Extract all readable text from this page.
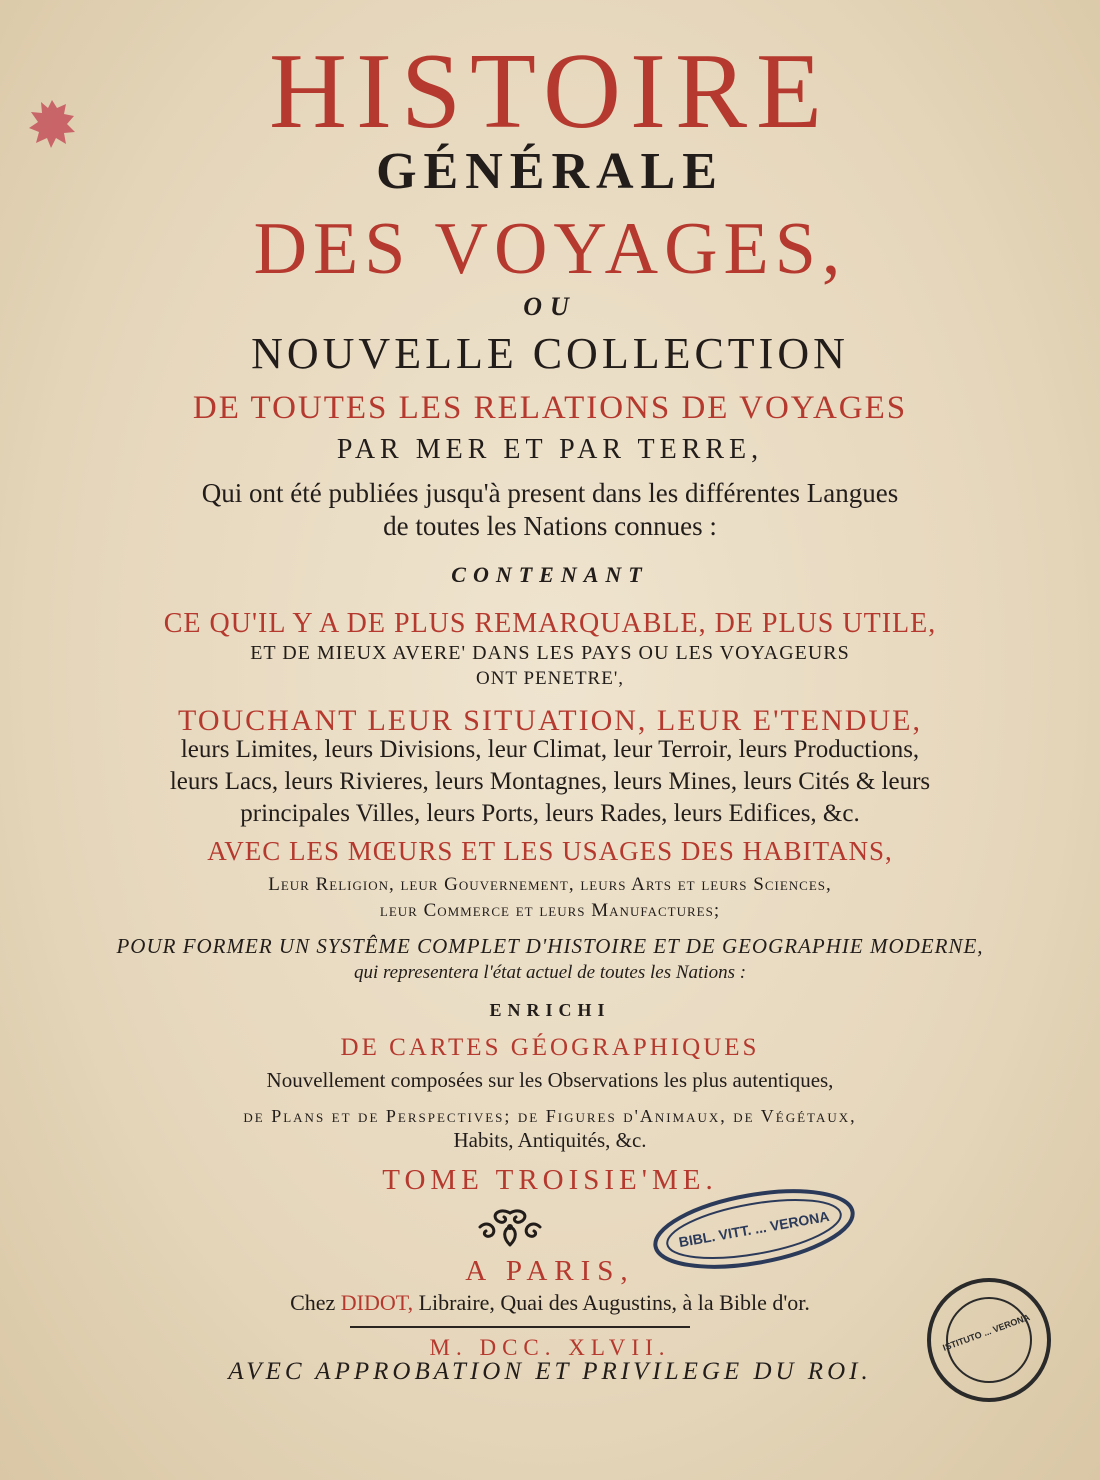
HISTOIRE
GÉNÉRALE
DES VOYAGES,
OU
NOUVELLE COLLECTION
DE TOUTES LES RELATIONS DE VOYAGES
PAR MER ET PAR TERRE,
Qui ont été publiées jusqu'à present dans les différentes Langues
de toutes les Nations connues :
CONTENANT
CE QU'IL Y A DE PLUS REMARQUABLE, DE PLUS UTILE,
ET DE MIEUX AVERE' DANS LES PAYS OU LES VOYAGEURS
ONT PENETRE',
TOUCHANT LEUR SITUATION, LEUR E'TENDUE,
leurs Limites, leurs Divisions, leur Climat, leur Terroir, leurs Productions,
leurs Lacs, leurs Rivieres, leurs Montagnes, leurs Mines, leurs Cités & leurs
principales Villes, leurs Ports, leurs Rades, leurs Edifices, &c.
AVEC LES MŒURS ET LES USAGES DES HABITANS,
Leur Religion, leur Gouvernement, leurs Arts et leurs Sciences,
leur Commerce et leurs Manufactures;
POUR FORMER UN SYSTÊME COMPLET D'HISTOIRE ET DE GEOGRAPHIE MODERNE,
qui representera l'état actuel de toutes les Nations :
ENRICHI
DE CARTES GÉOGRAPHIQUES
Nouvellement composées sur les Observations les plus autentiques,
de Plans et de Perspectives; de Figures d'Animaux, de Végétaux,
Habits, Antiquités, &c.
TOME TROISIE'ME.
BIBL. VITT. ... VERONA
A PARIS,
Chez DIDOT, Libraire, Quai des Augustins, à la Bible d'or.
M. DCC. XLVII.
AVEC APPROBATION ET PRIVILEGE DU ROI.
ISTITUTO ... VERONA
